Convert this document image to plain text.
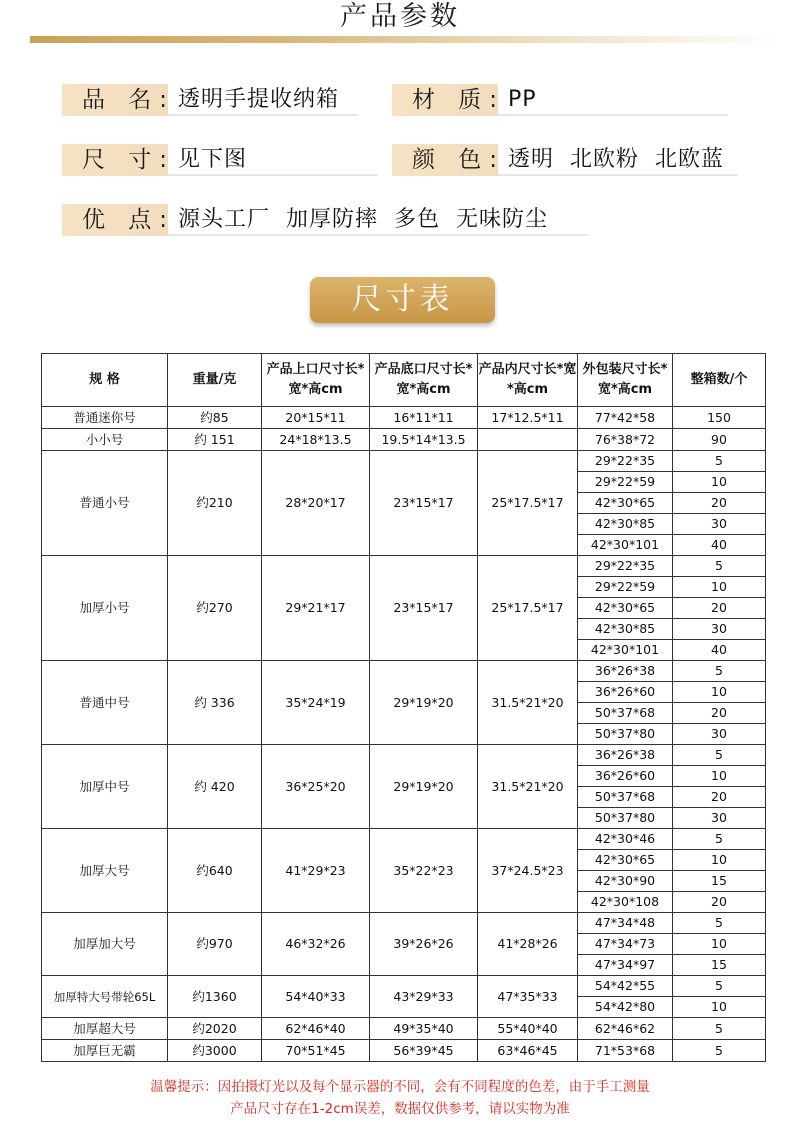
产品参数
品 名: 透明手提收纳箱	材 质: PP
尺 寸: 见下图	颜 色: 透明  北欧粉  北欧蓝
优 点: 源头工厂  加厚防摔  多色  无味防尘
尺寸表
规 格	重量/克	产品上口尺寸长*宽*高cm	产品底口尺寸长*宽*高cm	产品内尺寸长*宽*高cm	外包装尺寸长*宽*高cm	整箱数/个
普通迷你号	约85	20*15*11	16*11*11	17*12.5*11	77*42*58	150
小小号	约 151	24*18*13.5	19.5*14*13.5		76*38*72	90
普通小号	约210	28*20*17	23*15*17	25*17.5*17	29*22*35	5
					29*22*59	10
					42*30*65	20
					42*30*85	30
					42*30*101	40
加厚小号	约270	29*21*17	23*15*17	25*17.5*17	29*22*35	5
					29*22*59	10
					42*30*65	20
					42*30*85	30
					42*30*101	40
普通中号	约 336	35*24*19	29*19*20	31.5*21*20	36*26*38	5
					36*26*60	10
					50*37*68	20
					50*37*80	30
加厚中号	约 420	36*25*20	29*19*20	31.5*21*20	36*26*38	5
					36*26*60	10
					50*37*68	20
					50*37*80	30
加厚大号	约640	41*29*23	35*22*23	37*24.5*23	42*30*46	5
					42*30*65	10
					42*30*90	15
					42*30*108	20
加厚加大号	约970	46*32*26	39*26*26	41*28*26	47*34*48	5
					47*34*73	10
					47*34*97	15
加厚特大号带轮65L	约1360	54*40*33	43*29*33	47*35*33	54*42*55	5
					54*42*80	10
加厚超大号	约2020	62*46*40	49*35*40	55*40*40	62*46*62	5
加厚巨无霸	约3000	70*51*45	56*39*45	63*46*45	71*53*68	5
温馨提示：因拍摄灯光以及每个显示器的不同，会有不同程度的色差，由于手工测量
产品尺寸存在1-2cm误差，数据仅供参考，请以实物为准
